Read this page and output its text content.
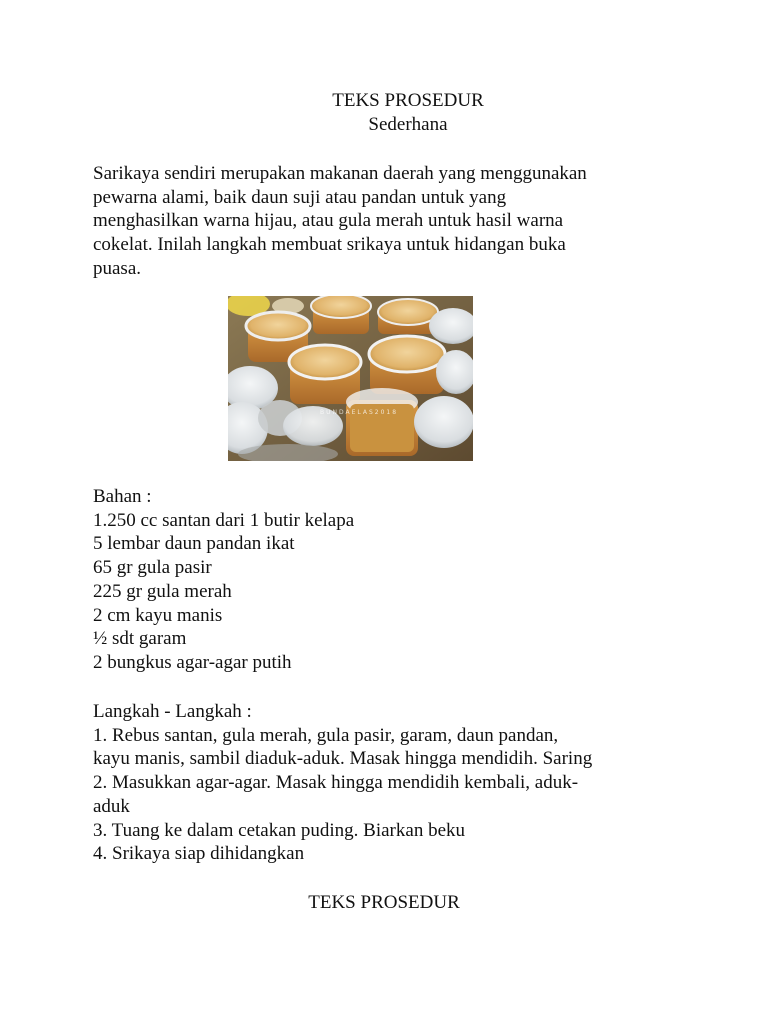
TEKS PROSEDUR
Sederhana
Sarikaya sendiri merupakan makanan daerah yang menggunakan
pewarna alami, baik daun suji atau pandan untuk yang
menghasilkan warna hijau, atau gula merah untuk hasil warna
cokelat. Inilah langkah membuat srikaya untuk hidangan buka
puasa.
BUNDAELAS2018
Bahan :
1.250 cc santan dari 1 butir kelapa
5 lembar daun pandan ikat
65 gr gula pasir
225 gr gula merah
2 cm kayu manis
½ sdt garam
2 bungkus agar-agar putih
Langkah - Langkah :
1. Rebus santan, gula merah, gula pasir, garam, daun pandan,
kayu manis, sambil diaduk-aduk. Masak hingga mendidih. Saring
2. Masukkan agar-agar. Masak hingga mendidih kembali, aduk-
aduk
3. Tuang ke dalam cetakan puding. Biarkan beku
4. Srikaya siap dihidangkan
TEKS PROSEDUR
